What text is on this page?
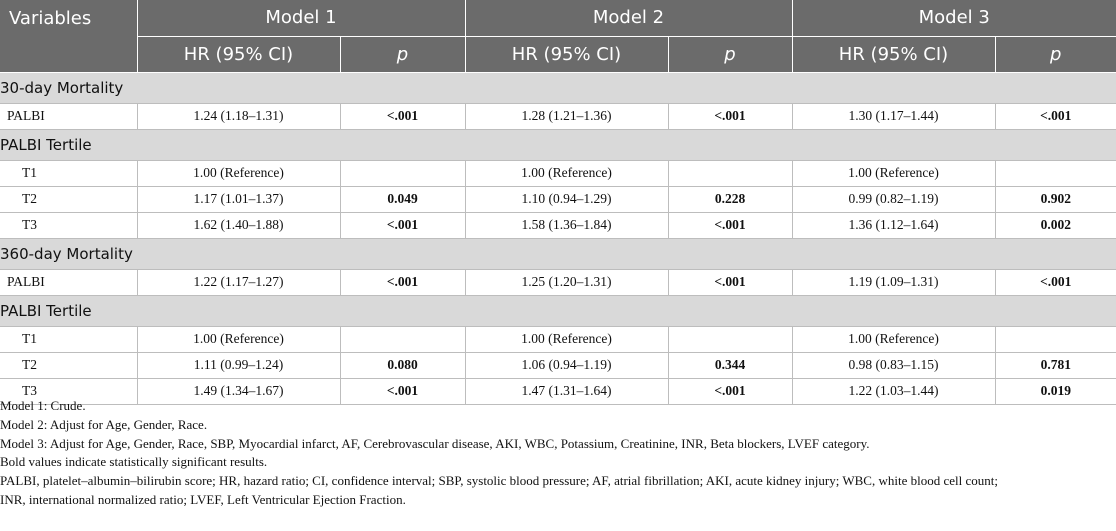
Variables	Model 1		Model 2		Model 3	
	HR (95% CI)	p	HR (95% CI)	p	HR (95% CI)	p
30-day Mortality						
PALBI	1.24 (1.18–1.31)	<.001	1.28 (1.21–1.36)	<.001	1.30 (1.17–1.44)	<.001
PALBI Tertile						
T1	1.00 (Reference)		1.00 (Reference)		1.00 (Reference)	
T2	1.17 (1.01–1.37)	0.049	1.10 (0.94–1.29)	0.228	0.99 (0.82–1.19)	0.902
T3	1.62 (1.40–1.88)	<.001	1.58 (1.36–1.84)	<.001	1.36 (1.12–1.64)	0.002
360-day Mortality						
PALBI	1.22 (1.17–1.27)	<.001	1.25 (1.20–1.31)	<.001	1.19 (1.09–1.31)	<.001
PALBI Tertile						
T1	1.00 (Reference)		1.00 (Reference)		1.00 (Reference)	
T2	1.11 (0.99–1.24)	0.080	1.06 (0.94–1.19)	0.344	0.98 (0.83–1.15)	0.781
T3	1.49 (1.34–1.67)	<.001	1.47 (1.31–1.64)	<.001	1.22 (1.03–1.44)	0.019
Model 1: Crude.
Model 2: Adjust for Age, Gender, Race.
Model 3: Adjust for Age, Gender, Race, SBP, Myocardial infarct, AF, Cerebrovascular disease, AKI, WBC, Potassium, Creatinine, INR, Beta blockers, LVEF category.
Bold values indicate statistically significant results.
PALBI, platelet–albumin–bilirubin score; HR, hazard ratio; CI, confidence interval; SBP, systolic blood pressure; AF, atrial fibrillation; AKI, acute kidney injury; WBC, white blood cell count;
INR, international normalized ratio; LVEF, Left Ventricular Ejection Fraction.
